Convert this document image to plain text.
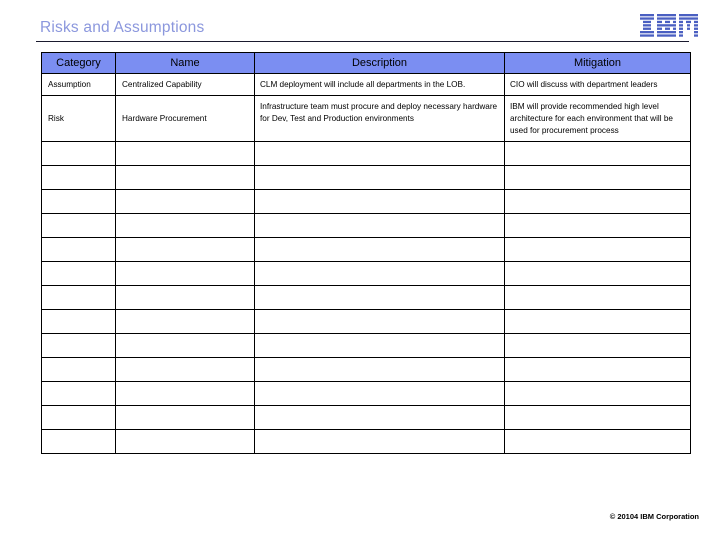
Risks and Assumptions
Category	Name	Description	Mitigation
Assumption	Centralized Capability	CLM deployment will include all departments in the LOB.	CIO will discuss with department leaders
Risk	Hardware Procurement	Infrastructure team must procure and deploy necessary hardware for Dev, Test and Production environments	IBM will provide recommended high level architecture for each environment that will be used for procurement process

© 20104 IBM Corporation
